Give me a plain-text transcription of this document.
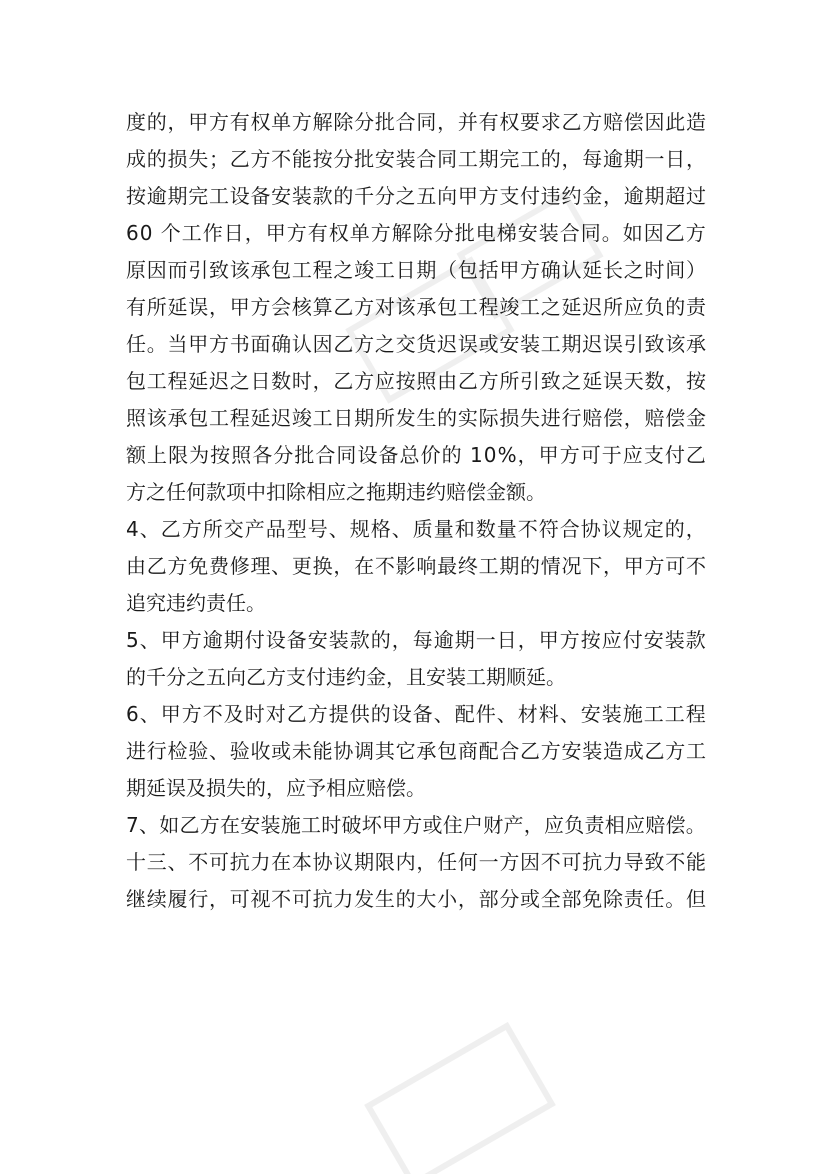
度的，甲方有权单方解除分批合同，并有权要求乙方赔偿因此造
成的损失；乙方不能按分批安装合同工期完工的，每逾期一日，
按逾期完工设备安装款的千分之五向甲方支付违约金，逾期超过
60 个工作日，甲方有权单方解除分批电梯安装合同。如因乙方
原因而引致该承包工程之竣工日期（包括甲方确认延长之时间）
有所延误，甲方会核算乙方对该承包工程竣工之延迟所应负的责
任。当甲方书面确认因乙方之交货迟误或安装工期迟误引致该承
包工程延迟之日数时，乙方应按照由乙方所引致之延误天数，按
照该承包工程延迟竣工日期所发生的实际损失进行赔偿，赔偿金
额上限为按照各分批合同设备总价的 10%，甲方可于应支付乙
方之任何款项中扣除相应之拖期违约赔偿金额。
4、乙方所交产品型号、规格、质量和数量不符合协议规定的，
由乙方免费修理、更换，在不影响最终工期的情况下，甲方可不
追究违约责任。
5、甲方逾期付设备安装款的，每逾期一日，甲方按应付安装款
的千分之五向乙方支付违约金，且安装工期顺延。
6、甲方不及时对乙方提供的设备、配件、材料、安装施工工程
进行检验、验收或未能协调其它承包商配合乙方安装造成乙方工
期延误及损失的，应予相应赔偿。
7、如乙方在安装施工时破坏甲方或住户财产，应负责相应赔偿。
十三、不可抗力在本协议期限内，任何一方因不可抗力导致不能
继续履行，可视不可抗力发生的大小，部分或全部免除责任。但
